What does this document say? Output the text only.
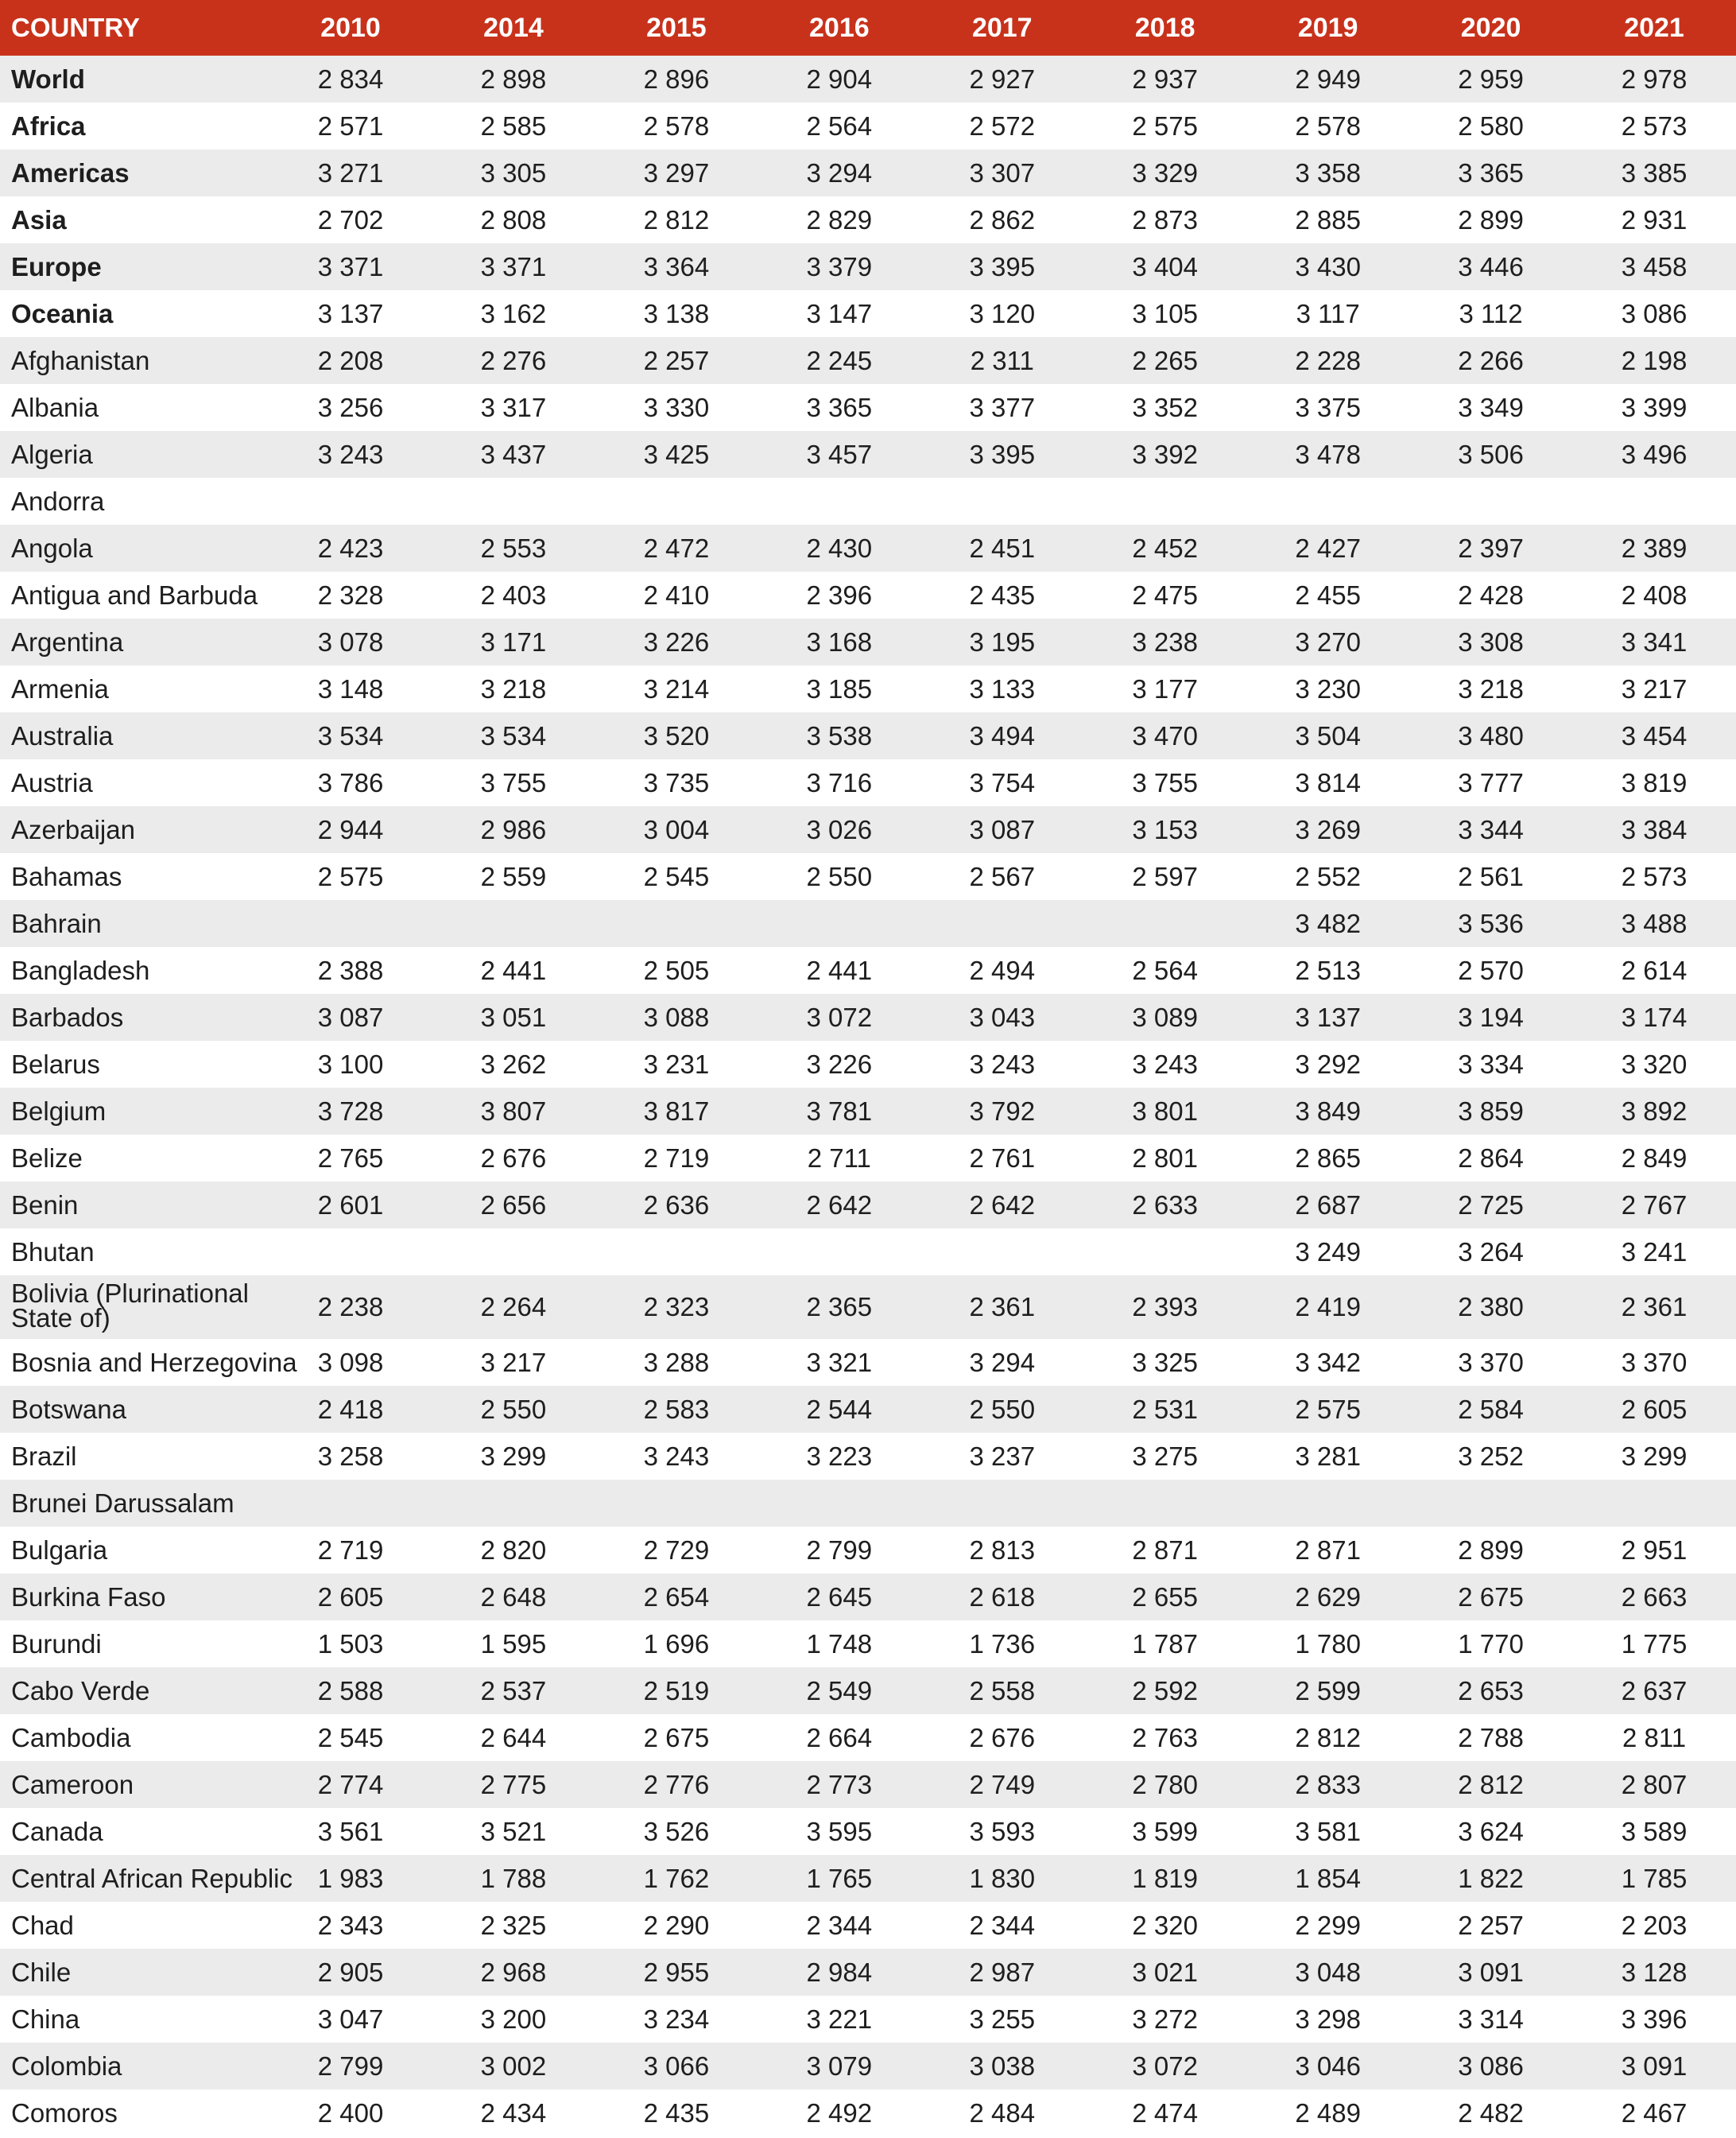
COUNTRY	2010	2014	2015	2016	2017	2018	2019	2020	2021
World	2 834	2 898	2 896	2 904	2 927	2 937	2 949	2 959	2 978
Africa	2 571	2 585	2 578	2 564	2 572	2 575	2 578	2 580	2 573
Americas	3 271	3 305	3 297	3 294	3 307	3 329	3 358	3 365	3 385
Asia	2 702	2 808	2 812	2 829	2 862	2 873	2 885	2 899	2 931
Europe	3 371	3 371	3 364	3 379	3 395	3 404	3 430	3 446	3 458
Oceania	3 137	3 162	3 138	3 147	3 120	3 105	3 117	3 112	3 086
Afghanistan	2 208	2 276	2 257	2 245	2 311	2 265	2 228	2 266	2 198
Albania	3 256	3 317	3 330	3 365	3 377	3 352	3 375	3 349	3 399
Algeria	3 243	3 437	3 425	3 457	3 395	3 392	3 478	3 506	3 496
Andorra									
Angola	2 423	2 553	2 472	2 430	2 451	2 452	2 427	2 397	2 389
Antigua and Barbuda	2 328	2 403	2 410	2 396	2 435	2 475	2 455	2 428	2 408
Argentina	3 078	3 171	3 226	3 168	3 195	3 238	3 270	3 308	3 341
Armenia	3 148	3 218	3 214	3 185	3 133	3 177	3 230	3 218	3 217
Australia	3 534	3 534	3 520	3 538	3 494	3 470	3 504	3 480	3 454
Austria	3 786	3 755	3 735	3 716	3 754	3 755	3 814	3 777	3 819
Azerbaijan	2 944	2 986	3 004	3 026	3 087	3 153	3 269	3 344	3 384
Bahamas	2 575	2 559	2 545	2 550	2 567	2 597	2 552	2 561	2 573
Bahrain							3 482	3 536	3 488
Bangladesh	2 388	2 441	2 505	2 441	2 494	2 564	2 513	2 570	2 614
Barbados	3 087	3 051	3 088	3 072	3 043	3 089	3 137	3 194	3 174
Belarus	3 100	3 262	3 231	3 226	3 243	3 243	3 292	3 334	3 320
Belgium	3 728	3 807	3 817	3 781	3 792	3 801	3 849	3 859	3 892
Belize	2 765	2 676	2 719	2 711	2 761	2 801	2 865	2 864	2 849
Benin	2 601	2 656	2 636	2 642	2 642	2 633	2 687	2 725	2 767
Bhutan							3 249	3 264	3 241
Bolivia (Plurinational State of)	2 238	2 264	2 323	2 365	2 361	2 393	2 419	2 380	2 361
Bosnia and Herzegovina	3 098	3 217	3 288	3 321	3 294	3 325	3 342	3 370	3 370
Botswana	2 418	2 550	2 583	2 544	2 550	2 531	2 575	2 584	2 605
Brazil	3 258	3 299	3 243	3 223	3 237	3 275	3 281	3 252	3 299
Brunei Darussalam									
Bulgaria	2 719	2 820	2 729	2 799	2 813	2 871	2 871	2 899	2 951
Burkina Faso	2 605	2 648	2 654	2 645	2 618	2 655	2 629	2 675	2 663
Burundi	1 503	1 595	1 696	1 748	1 736	1 787	1 780	1 770	1 775
Cabo Verde	2 588	2 537	2 519	2 549	2 558	2 592	2 599	2 653	2 637
Cambodia	2 545	2 644	2 675	2 664	2 676	2 763	2 812	2 788	2 811
Cameroon	2 774	2 775	2 776	2 773	2 749	2 780	2 833	2 812	2 807
Canada	3 561	3 521	3 526	3 595	3 593	3 599	3 581	3 624	3 589
Central African Republic	1 983	1 788	1 762	1 765	1 830	1 819	1 854	1 822	1 785
Chad	2 343	2 325	2 290	2 344	2 344	2 320	2 299	2 257	2 203
Chile	2 905	2 968	2 955	2 984	2 987	3 021	3 048	3 091	3 128
China	3 047	3 200	3 234	3 221	3 255	3 272	3 298	3 314	3 396
Colombia	2 799	3 002	3 066	3 079	3 038	3 072	3 046	3 086	3 091
Comoros	2 400	2 434	2 435	2 492	2 484	2 474	2 489	2 482	2 467
